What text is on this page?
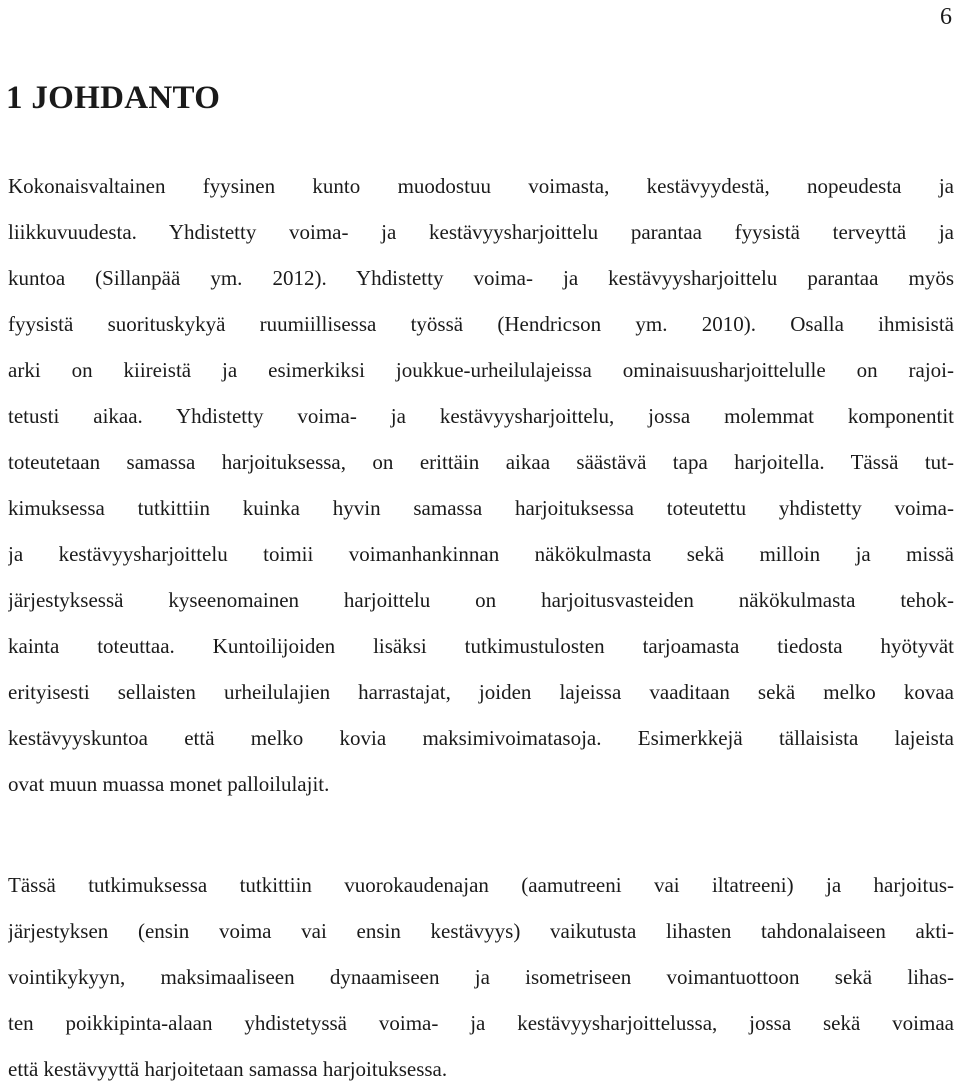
6
1 JOHDANTO

Kokonaisvaltainen fyysinen kunto muodostuu voimasta, kestävyydestä, nopeudesta ja
liikkuvuudesta. Yhdistetty voima- ja kestävyysharjoittelu parantaa fyysistä terveyttä ja
kuntoa (Sillanpää ym. 2012). Yhdistetty voima- ja kestävyysharjoittelu parantaa myös
fyysistä suorituskykyä ruumiillisessa työssä (Hendricson ym. 2010). Osalla ihmisistä
arki on kiireistä ja esimerkiksi joukkue-urheilulajeissa ominaisuusharjoittelulle on rajoi-
tetusti aikaa. Yhdistetty voima- ja kestävyysharjoittelu, jossa molemmat komponentit
toteutetaan samassa harjoituksessa, on erittäin aikaa säästävä tapa harjoitella. Tässä tut-
kimuksessa tutkittiin kuinka hyvin samassa harjoituksessa toteutettu yhdistetty voima-
ja kestävyysharjoittelu toimii voimanhankinnan näkökulmasta sekä milloin ja missä
järjestyksessä kyseenomainen harjoittelu on harjoitusvasteiden näkökulmasta tehok-
kainta toteuttaa. Kuntoilijoiden lisäksi tutkimustulosten tarjoamasta tiedosta hyötyvät
erityisesti sellaisten urheilulajien harrastajat, joiden lajeissa vaaditaan sekä melko kovaa
kestävyyskuntoa että melko kovia maksimivoimatasoja. Esimerkkejä tällaisista lajeista
ovat muun muassa monet palloilulajit.

Tässä tutkimuksessa tutkittiin vuorokaudenajan (aamutreeni vai iltatreeni) ja harjoitus-
järjestyksen (ensin voima vai ensin kestävyys) vaikutusta lihasten tahdonalaiseen akti-
vointikykyyn, maksimaaliseen dynaamiseen ja isometriseen voimantuottoon sekä lihas-
ten poikkipinta-alaan yhdistetyssä voima- ja kestävyysharjoittelussa, jossa sekä voimaa
että kestävyyttä harjoitetaan samassa harjoituksessa.
